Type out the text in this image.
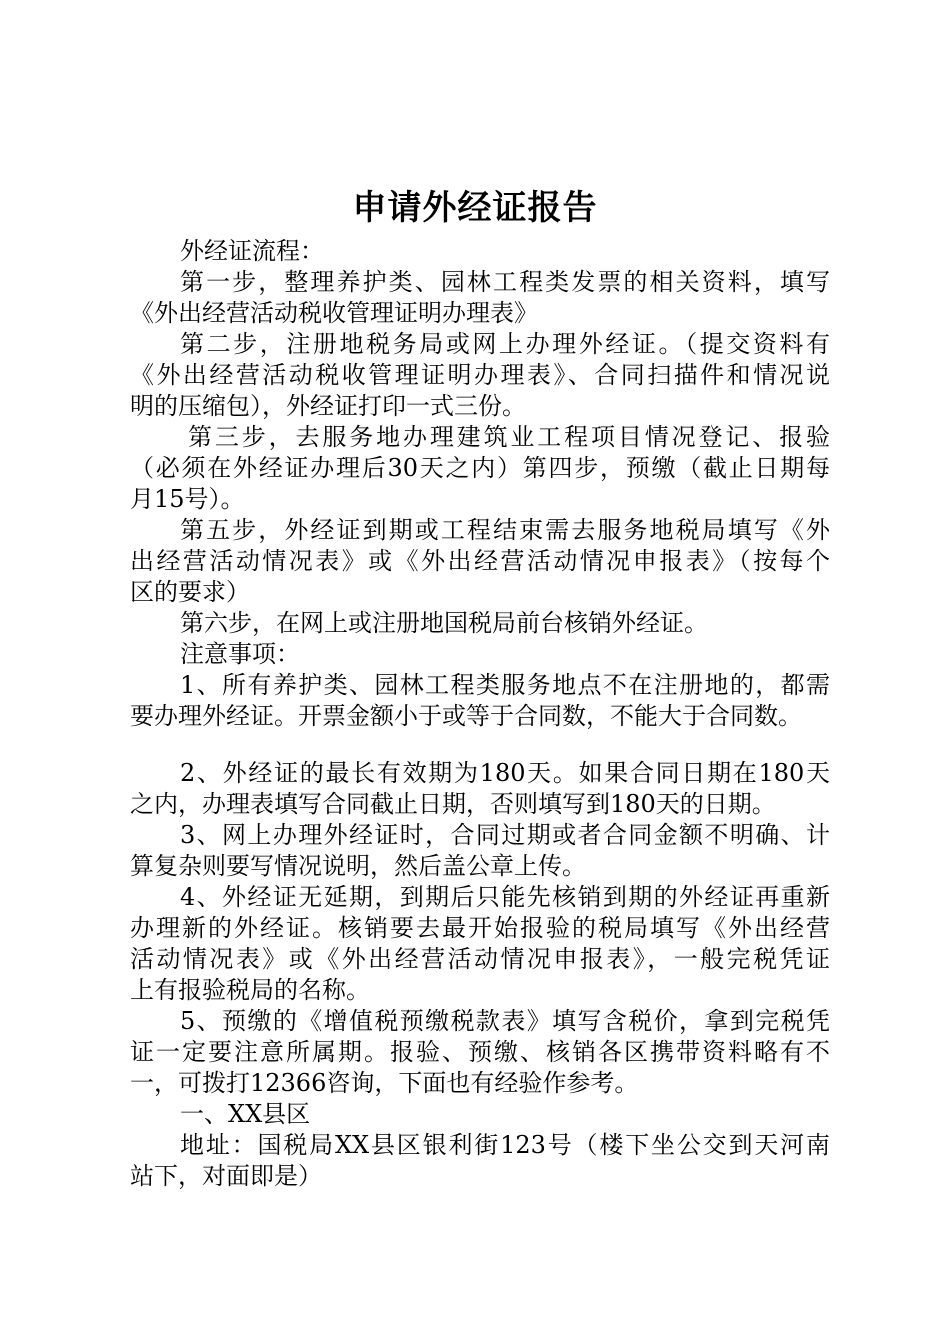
申请外经证报告
外经证流程：
第一步，整理养护类、园林工程类发票的相关资料，填写
《外出经营活动税收管理证明办理表》
第二步，注册地税务局或网上办理外经证。（提交资料有
《外出经营活动税收管理证明办理表》、合同扫描件和情况说
明的压缩包），外经证打印一式三份。
第三步，去服务地办理建筑业工程项目情况登记、报验
（必须在外经证办理后30天之内）第四步，预缴（截止日期每
月15号）。
第五步，外经证到期或工程结束需去服务地税局填写《外
出经营活动情况表》或《外出经营活动情况申报表》（按每个
区的要求）
第六步，在网上或注册地国税局前台核销外经证。
注意事项：
1、所有养护类、园林工程类服务地点不在注册地的，都需
要办理外经证。开票金额小于或等于合同数，不能大于合同数。
2、外经证的最长有效期为180天。如果合同日期在180天
之内，办理表填写合同截止日期，否则填写到180天的日期。
3、网上办理外经证时，合同过期或者合同金额不明确、计
算复杂则要写情况说明，然后盖公章上传。
4、外经证无延期，到期后只能先核销到期的外经证再重新
办理新的外经证。核销要去最开始报验的税局填写《外出经营
活动情况表》或《外出经营活动情况申报表》，一般完税凭证
上有报验税局的名称。
5、预缴的《增值税预缴税款表》填写含税价，拿到完税凭
证一定要注意所属期。报验、预缴、核销各区携带资料略有不
一，可拨打12366咨询，下面也有经验作参考。
一、XX县区
地址：国税局XX县区银利街123号（楼下坐公交到天河南
站下，对面即是）
